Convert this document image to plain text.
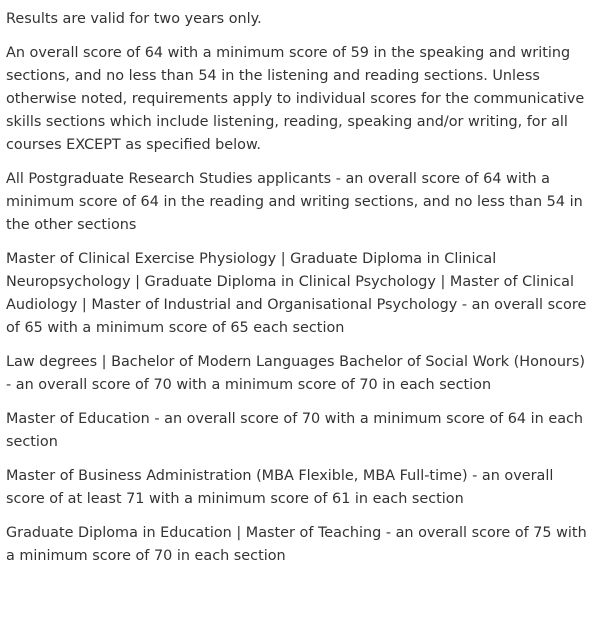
Results are valid for two years only.

An overall score of 64 with a minimum score of 59 in the speaking and writing sections, and no less than 54 in the listening and reading sections. Unless otherwise noted, requirements apply to individual scores for the communicative skills sections which include listening, reading, speaking and/or writing, for all courses EXCEPT as specified below.

All Postgraduate Research Studies applicants - an overall score of 64 with a minimum score of 64 in the reading and writing sections, and no less than 54 in the other sections

Master of Clinical Exercise Physiology | Graduate Diploma in Clinical Neuropsychology | Graduate Diploma in Clinical Psychology | Master of Clinical Audiology | Master of Industrial and Organisational Psychology - an overall score of 65 with a minimum score of 65 each section

Law degrees | Bachelor of Modern Languages Bachelor of Social Work (Honours) - an overall score of 70 with a minimum score of 70 in each section

Master of Education - an overall score of 70 with a minimum score of 64 in each section

Master of Business Administration (MBA Flexible, MBA Full-time) - an overall score of at least 71 with a minimum score of 61 in each section

Graduate Diploma in Education | Master of Teaching - an overall score of 75 with a minimum score of 70 in each section
